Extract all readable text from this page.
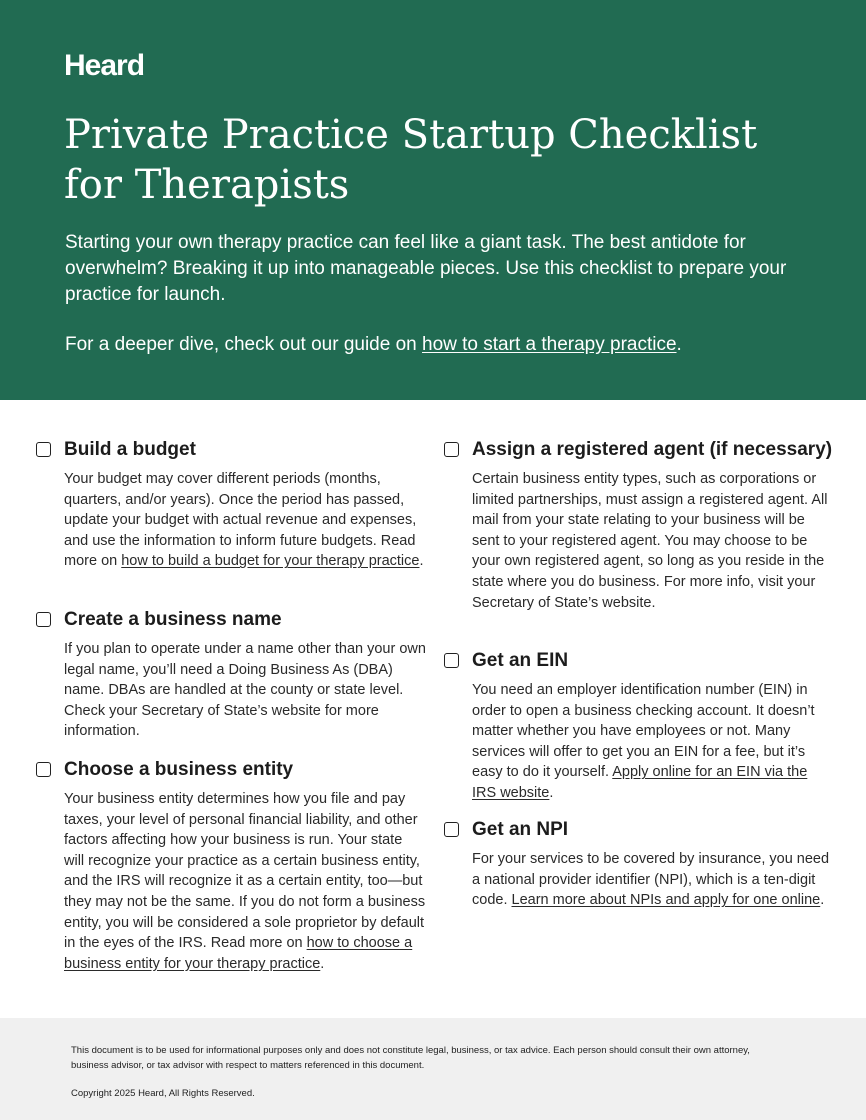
Heard
Private Practice Startup Checklist
for Therapists

Starting your own therapy practice can feel like a giant task. The best antidote for overwhelm? Breaking it up into manageable pieces. Use this checklist to prepare your practice for launch.

For a deeper dive, check out our guide on how to start a therapy practice.

Build a budget

Your budget may cover different periods (months, quarters, and/or years). Once the period has passed, update your budget with actual revenue and expenses, and use the information to inform future budgets. Read more on how to build a budget for your therapy practice.

Create a business name

If you plan to operate under a name other than your own legal name, you’ll need a Doing Business As (DBA) name. DBAs are handled at the county or state level. Check your Secretary of State’s website for more information.

Choose a business entity

Your business entity determines how you file and pay taxes, your level of personal financial liability, and other factors affecting how your business is run. Your state will recognize your practice as a certain business entity, and the IRS will recognize it as a certain entity, too—but they may not be the same. If you do not form a business entity, you will be considered a sole proprietor by default in the eyes of the IRS. Read more on how to choose a business entity for your therapy practice.

Assign a registered agent (if necessary)

Certain business entity types, such as corporations or limited partnerships, must assign a registered agent. All mail from your state relating to your business will be sent to your registered agent. You may choose to be your own registered agent, so long as you reside in the state where you do business. For more info, visit your Secretary of State’s website.

Get an EIN

You need an employer identification number (EIN) in order to open a business checking account. It doesn’t matter whether you have employees or not. Many services will offer to get you an EIN for a fee, but it’s easy to do it yourself. Apply online for an EIN via the IRS website.

Get an NPI

For your services to be covered by insurance, you need a national provider identifier (NPI), which is a ten-digit code. Learn more about NPIs and apply for one online.

This document is to be used for informational purposes only and does not constitute legal, business, or tax advice. Each person should consult their own attorney, business advisor, or tax advisor with respect to matters referenced in this document.

Copyright 2025 Heard, All Rights Reserved.
